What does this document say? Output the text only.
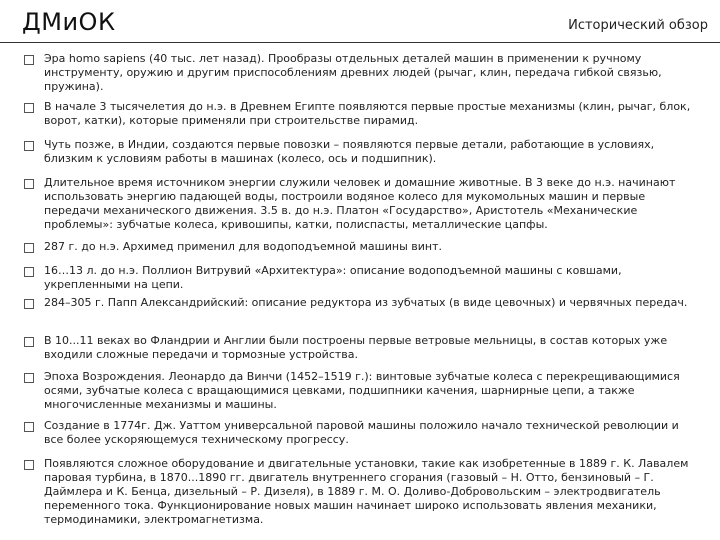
ДМиОК	Исторический обзор

Эра homo sapiens (40 тыс. лет назад). Прообразы отдельных деталей машин в применении к ручному инструменту, оружию и другим приспособлениям древних людей (рычаг, клин, передача гибкой связью, пружина).

В начале 3 тысячелетия до н.э. в Древнем Египте появляются первые простые механизмы (клин, рычаг, блок, ворот, катки), которые применяли при строительстве пирамид.

Чуть позже, в Индии, создаются первые повозки – появляются первые детали, работающие в условиях, близким к условиям работы в машинах (колесо, ось и подшипник).

Длительное время источником энергии служили человек и домашние животные. В 3 веке до н.э. начинают использовать энергию падающей воды, построили водяное колесо для мукомольных машин и первые передачи механического движения. 3.5 в. до н.э. Платон «Государство», Аристотель «Механические проблемы»: зубчатые колеса, кривошипы, катки, полиспасты, металлические цапфы.

287 г. до н.э. Архимед применил для водоподъемной машины винт.

16…13 л. до н.э. Поллион Витрувий «Архитектура»: описание водоподъемной машины с ковшами, укрепленными на цепи.

284–305 г. Папп Александрийский: описание редуктора из зубчатых (в виде цевочных) и червячных передач.

В 10...11 веках во Фландрии и Англии были построены первые ветровые мельницы, в состав которых уже входили сложные передачи и тормозные устройства.

Эпоха Возрождения. Леонардо да Винчи (1452–1519 г.): винтовые зубчатые колеса с перекрещивающимися осями, зубчатые колеса с вращающимися цевками, подшипники качения, шарнирные цепи, а также многочисленные механизмы и машины.

Создание в 1774г. Дж. Уаттом универсальной паровой машины положило начало технической революции и все более ускоряющемуся техническому прогрессу.

Появляются сложное оборудование и двигательные установки, такие как изобретенные в 1889 г. К. Лавалем паровая турбина, в 1870...1890 гг. двигатель внутреннего сгорания (газовый – Н. Отто, бензиновый – Г. Даймлера и К. Бенца, дизельный – Р. Дизеля), в 1889 г. М. О. Доливо-Добровольским – электродвигатель переменного тока. Функционирование новых машин начинает широко использовать явления механики, термодинамики, электромагнетизма.
